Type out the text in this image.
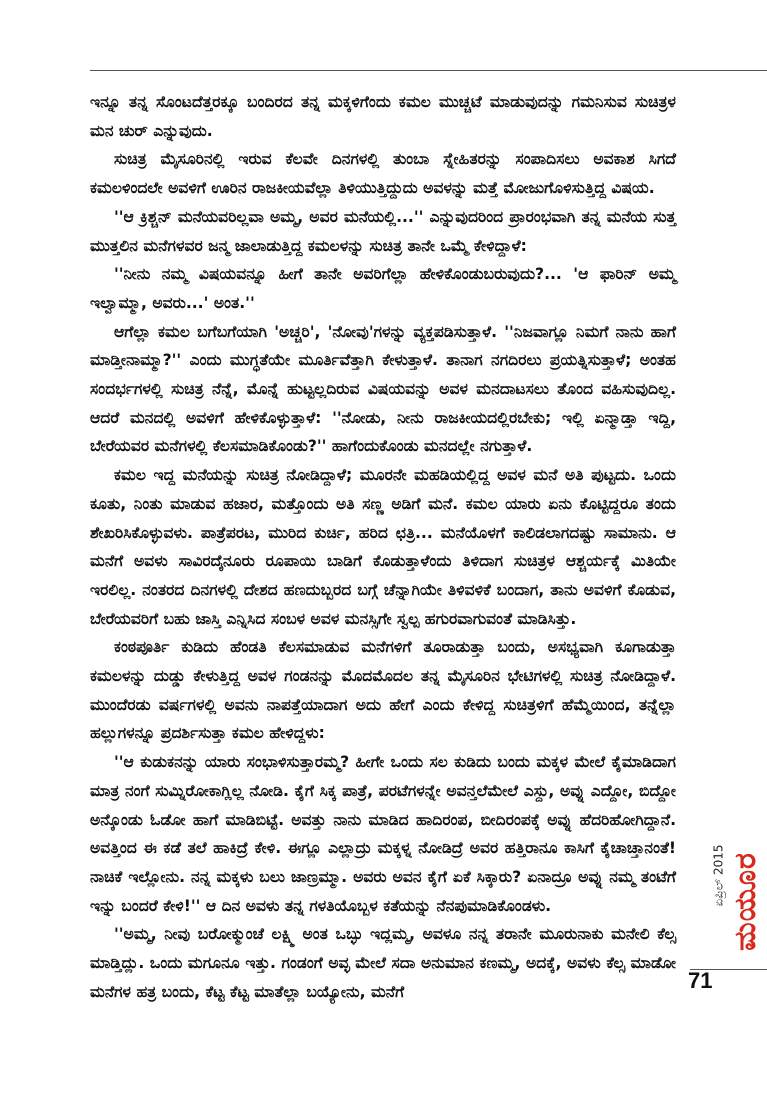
ಇನ್ನೂ ತನ್ನ ಸೊಂಟದೆತ್ತರಕ್ಕೂ ಬಂದಿರದ ತನ್ನ ಮಕ್ಕಳಿಗೆಂದು ಕಮಲ ಮುಚ್ಚಟೆ ಮಾಡುವುದನ್ನು ಗಮನಿಸುವ ಸುಚಿತ್ರಳ ಮನ ಚುರ್ ಎನ್ನುವುದು.

ಸುಚಿತ್ರ ಮೈಸೂರಿನಲ್ಲಿ ಇರುವ ಕೆಲವೇ ದಿನಗಳಲ್ಲಿ ತುಂಬಾ ಸ್ನೇಹಿತರನ್ನು ಸಂಪಾದಿಸಲು ಅವಕಾಶ ಸಿಗದೆ ಕಮಲಳಿಂದಲೇ ಅವಳಿಗೆ ಊರಿನ ರಾಜಕೀಯವೆಲ್ಲಾ ತಿಳಿಯುತ್ತಿದ್ದುದು ಅವಳನ್ನು ಮತ್ತೆ ಮೋಜುಗೊಳಿಸುತ್ತಿದ್ದ ವಿಷಯ.

''ಆ ಕ್ರಿಶ್ಚನ್ ಮನೆಯವರಿಲ್ಲವಾ ಅಮ್ಮ, ಅವರ ಮನೆಯಲ್ಲಿ...'' ಎನ್ನುವುದರಿಂದ ಪ್ರಾರಂಭವಾಗಿ ತನ್ನ ಮನೆಯ ಸುತ್ತ ಮುತ್ತಲಿನ ಮನೆಗಳವರ ಜನ್ಮ ಜಾಲಾಡುತ್ತಿದ್ದ ಕಮಲಳನ್ನು ಸುಚಿತ್ರ ತಾನೇ ಒಮ್ಮೆ ಕೇಳಿದ್ದಾಳೆ:

''ನೀನು ನಮ್ಮ ವಿಷಯವನ್ನೂ ಹೀಗೆ ತಾನೇ ಅವರಿಗೆಲ್ಲಾ ಹೇಳಿಕೊಂಡುಬರುವುದು?... 'ಆ ಫಾರಿನ್ ಅಮ್ಮ ಇಲ್ವಾಮ್ಮಾ, ಅವರು...' ಅಂತ.''

ಆಗೆಲ್ಲಾ ಕಮಲ ಬಗೆಬಗೆಯಾಗಿ 'ಅಚ್ಚರಿ', 'ನೋವು'ಗಳನ್ನು ವ್ಯಕ್ತಪಡಿಸುತ್ತಾಳೆ. ''ನಿಜವಾಗ್ಲೂ ನಿಮಗೆ ನಾನು ಹಾಗೆ ಮಾಡ್ತೀನಾಮ್ಮಾ?'' ಎಂದು ಮುಗ್ಧತೆಯೇ ಮೂರ್ತಿವೆತ್ತಾಗಿ ಕೇಳುತ್ತಾಳೆ. ತಾನಾಗ ನಗದಿರಲು ಪ್ರಯತ್ನಿಸುತ್ತಾಳೆ; ಅಂತಹ ಸಂದರ್ಭಗಳಲ್ಲಿ ಸುಚಿತ್ರ ನೆನ್ನೆ, ಮೊನ್ನೆ ಹುಟ್ಟಲ್ಲದಿರುವ ವಿಷಯವನ್ನು ಅವಳ ಮನದಾಟಸಲು ತೊಂದ ವಹಿಸುವುದಿಲ್ಲ. ಆದರೆ ಮನದಲ್ಲಿ ಅವಳಿಗೆ ಹೇಳಿಕೊಳ್ಳುತ್ತಾಳೆ: ''ನೋಡು, ನೀನು ರಾಜಕೀಯದಲ್ಲಿರಬೇಕು; ಇಲ್ಲಿ ಏನ್ಮಾಡ್ತಾ ಇದ್ದಿ, ಬೇರೆಯವರ ಮನೆಗಳಲ್ಲಿ ಕೆಲಸಮಾಡಿಕೊಂಡು?'' ಹಾಗೆಂದುಕೊಂಡು ಮನದಲ್ಲೇ ನಗುತ್ತಾಳೆ.

ಕಮಲ ಇದ್ದ ಮನೆಯನ್ನು ಸುಚಿತ್ರ ನೋಡಿದ್ದಾಳೆ; ಮೂರನೇ ಮಹಡಿಯಲ್ಲಿದ್ದ ಅವಳ ಮನೆ ಅತಿ ಪುಟ್ಟದು. ಒಂದು ಕೂತು, ನಿಂತು ಮಾಡುವ ಹಜಾರ, ಮತ್ತೊಂದು ಅತಿ ಸಣ್ಣ ಅಡಿಗೆ ಮನೆ. ಕಮಲ ಯಾರು ಏನು ಕೊಟ್ಟಿದ್ದರೂ ತಂದು ಶೇಖರಿಸಿಕೊಳ್ಳುವಳು. ಪಾತ್ರೆಪರಟ, ಮುರಿದ ಕುರ್ಚಿ, ಹರಿದ ಛತ್ರಿ... ಮನೆಯೊಳಗೆ ಕಾಲಿಡಲಾಗದಷ್ಟು ಸಾಮಾನು. ಆ ಮನೆಗೆ ಅವಳು ಸಾವಿರದೈನೂರು ರೂಪಾಯಿ ಬಾಡಿಗೆ ಕೊಡುತ್ತಾಳೆಂದು ತಿಳಿದಾಗ ಸುಚಿತ್ರಳ ಆಶ್ಚರ್ಯಕ್ಕೆ ಮಿತಿಯೇ ಇರಲಿಲ್ಲ. ನಂತರದ ದಿನಗಳಲ್ಲಿ ದೇಶದ ಹಣದುಬ್ಬರದ ಬಗ್ಗೆ ಚೆನ್ನಾಗಿಯೇ ತಿಳಿವಳಿಕೆ ಬಂದಾಗ, ತಾನು ಅವಳಿಗೆ ಕೊಡುವ, ಬೇರೆಯವರಿಗೆ ಬಹು ಜಾಸ್ತಿ ಎನ್ನಿಸಿದ ಸಂಬಳ ಅವಳ ಮನಸ್ಸಿಗೇ ಸ್ವಲ್ಪ ಹಗುರವಾಗುವಂತೆ ಮಾಡಿಸಿತ್ತು.

ಕಂಠಪೂರ್ತಿ ಕುಡಿದು ಹೆಂಡತಿ ಕೆಲಸಮಾಡುವ ಮನೆಗಳಿಗೆ ತೂರಾಡುತ್ತಾ ಬಂದು, ಅಸಭ್ಯವಾಗಿ ಕೂಗಾಡುತ್ತಾ ಕಮಲಳನ್ನು ದುಡ್ಡು ಕೇಳುತ್ತಿದ್ದ ಅವಳ ಗಂಡನನ್ನು ಮೊದಮೊದಲ ತನ್ನ ಮೈಸೂರಿನ ಭೇಟಿಗಳಲ್ಲಿ ಸುಚಿತ್ರ ನೋಡಿದ್ದಾಳೆ. ಮುಂದೆರಡು ವರ್ಷಗಳಲ್ಲಿ ಅವನು ನಾಪತ್ತೆಯಾದಾಗ ಅದು ಹೇಗೆ ಎಂದು ಕೇಳಿದ್ದ ಸುಚಿತ್ರಳಿಗೆ ಹೆಮ್ಮೆಯಿಂದ, ತನ್ನೆಲ್ಲಾ ಹಲ್ಲುಗಳನ್ನೂ ಪ್ರದರ್ಶಿಸುತ್ತಾ ಕಮಲ ಹೇಳಿದ್ದಳು:

''ಆ ಕುಡುಕನನ್ನು ಯಾರು ಸಂಭಾಳಿಸುತ್ತಾರಮ್ಮ? ಹೀಗೇ ಒಂದು ಸಲ ಕುಡಿದು ಬಂದು ಮಕ್ಕಳ ಮೇಲೆ ಕೈಮಾಡಿದಾಗ ಮಾತ್ರ ನಂಗೆ ಸುಮ್ನಿರೋಕಾಗ್ಲಿಲ್ಲ ನೋಡಿ. ಕೈಗೆ ಸಿಕ್ಕ ಪಾತ್ರೆ, ಪರಟೆಗಳನ್ನೇ ಅವನ್ತಲೆಮೇಲೆ ಎಸ್ದು, ಅವ್ನು ಎದ್ದೋ, ಬಿದ್ದೋ ಅನ್ಕೊಂಡು ಓಡೋ ಹಾಗೆ ಮಾಡಿಬಿಟ್ಟೆ. ಅವತ್ತು ನಾನು ಮಾಡಿದ ಹಾದಿರಂಪ, ಬೀದಿರಂಪಕ್ಕೆ ಅವ್ನು ಹೆದರಿಹೋಗಿದ್ದಾನೆ. ಅವತ್ತಿಂದ ಈ ಕಡೆ ತಲೆ ಹಾಕಿದ್ರೆ ಕೇಳಿ. ಈಗ್ಲೂ ಎಲ್ಲಾದ್ರು ಮಕ್ಕಳ್ನ ನೋಡಿದ್ರೆ ಅವರ ಹತ್ತಿರಾನೂ ಕಾಸಿಗೆ ಕೈಚಾಚ್ತಾನಂತೆ! ನಾಚಿಕೆ ಇಲ್ಲೋನು. ನನ್ನ ಮಕ್ಕಳು ಬಲು ಜಾಣ್ರಮ್ಮಾ. ಅವರು ಅವನ ಕೈಗೆ ಏಕೆ ಸಿಕ್ಕಾರು? ಏನಾದ್ರೂ ಅವ್ನು ನಮ್ಮ ತಂಟೆಗೆ ಇನ್ನು ಬಂದರೆ ಕೇಳಿ!'' ಆ ದಿನ ಅವಳು ತನ್ನ ಗಳತಿಯೊಬ್ಬಳ ಕತೆಯನ್ನು ನೆನಪುಮಾಡಿಕೊಂಡಳು.

''ಅಮ್ಮ, ನೀವು ಬರೋಕ್ಮುಂಚೆ ಲಕ್ಷ್ಮಿ ಅಂತ ಒಬ್ಳು ಇದ್ಲಮ್ಮ, ಅವಳೂ ನನ್ನ ತರಾನೇ ಮೂರುನಾಕು ಮನೇಲಿ ಕೆಲ್ಸ ಮಾಡ್ತಿದ್ಲು. ಒಂದು ಮಗೂನೂ ಇತ್ತು. ಗಂಡಂಗೆ ಅವ್ಳ ಮೇಲೆ ಸದಾ ಅನುಮಾನ ಕಣಮ್ಮ, ಅದಕ್ಕೆ, ಅವಳು ಕೆಲ್ಸ ಮಾಡೋ ಮನೆಗಳ ಹತ್ರ ಬಂದು, ಕೆಟ್ಟ ಕೆಟ್ಟ ಮಾತೆಲ್ಲಾ ಬಯ್ಯೋನು, ಮನೆಗೆ

ಏಪ್ರಿಲ್ 2015 ಮಯೂರ
71
